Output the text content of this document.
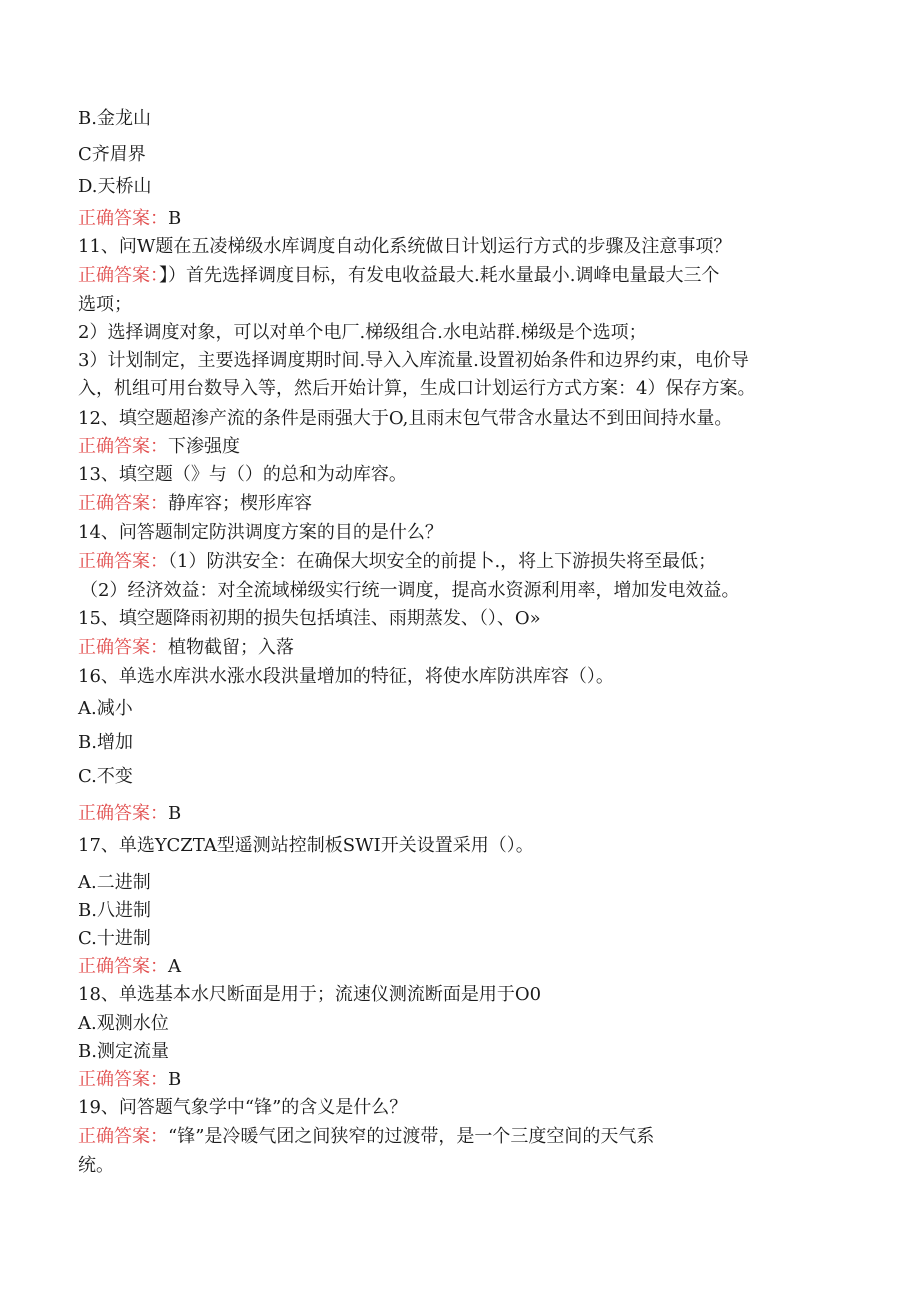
B.金龙山

C齐眉界

D.天桥山

正确答案：B

11、问W题在五凌梯级水库调度自动化系统做日计划运行方式的步骤及注意事项？

正确答案：】）首先选择调度目标，有发电收益最大.耗水量最小.调峰电量最大三个

选项；

2）选择调度对象，可以对单个电厂.梯级组合.水电站群.梯级是个选项；

3）计划制定，主要选择调度期时间.导入入库流量.设置初始条件和边界约束，电价导

入，机组可用台数导入等，然后开始计算，生成口计划运行方式方案：4）保存方案。

12、填空题超渗产流的条件是雨强大于O,且雨末包气带含水量达不到田间持水量。

正确答案：下渗强度

13、填空题（》与（）的总和为动库容。

正确答案：静库容；楔形库容

14、问答题制定防洪调度方案的目的是什么？

正确答案：（1）防洪安全：在确保大坝安全的前提卜.，将上下游损失将至最低；

（2）经济效益：对全流域梯级实行统一调度，提高水资源利用率，增加发电效益。

15、填空题降雨初期的损失包括填洼、雨期蒸发、（）、O»

正确答案：植物截留；入落

16、单选水库洪水涨水段洪量增加的特征，将使水库防洪库容（）。

A.减小

B.增加

C.不变

正确答案：B

17、单选YCZTA型遥测站控制板SWI开关设置采用（）。

A.二进制

B.八进制

C.十进制

正确答案：A

18、单选基本水尺断面是用于；流速仪测流断面是用于O0

A.观测水位

B.测定流量

正确答案：B

19、问答题气象学中“锋”的含义是什么？

正确答案：“锋”是冷暖气团之间狭窄的过渡带，是一个三度空间的天气系

统。
